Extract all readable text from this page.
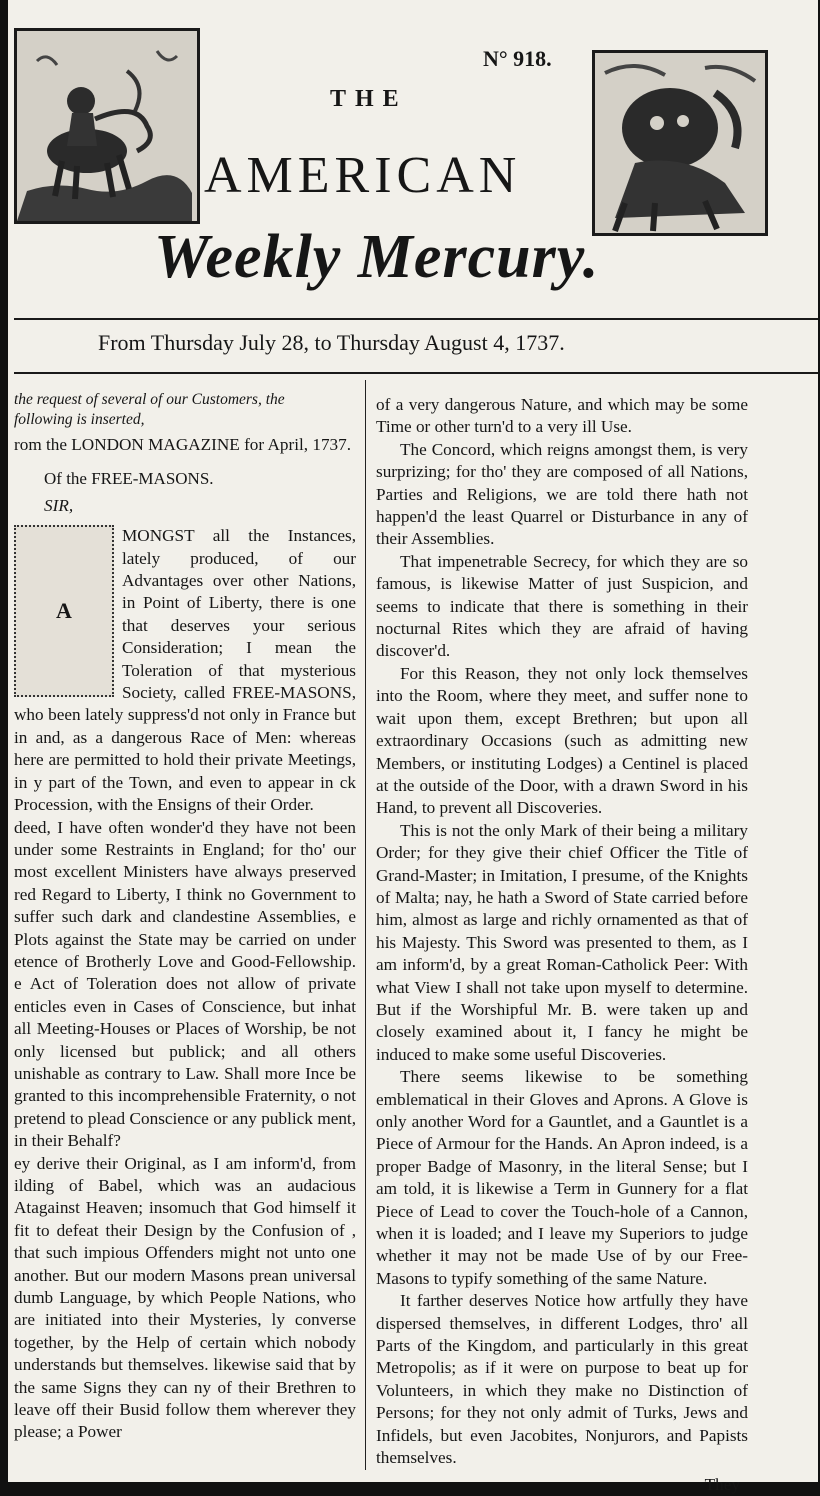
N° 918.
THE
AMERICAN
Weekly Mercury.
From Thursday July 28, to Thursday August 4, 1737.

the request of several of our Customers, the

following is inserted,

rom the LONDON MAGAZINE for April, 1737.

Of the FREE-MASONS.

SIR,

A

MONGST all the Instances, lately produced, of our Advantages over other Nations, in Point of Liberty, there is one that deserves your serious Consideration; I mean the Toleration of that mysterious Society, called FREE-MASONS, who been lately suppress'd not only in France but in and, as a dangerous Race of Men: whereas here are permitted to hold their private Meetings, in y part of the Town, and even to appear in ck Procession, with the Ensigns of their Order.

deed, I have often wonder'd they have not been under some Restraints in England; for tho' our most excellent Ministers have always preserved red Regard to Liberty, I think no Government to suffer such dark and clandestine Assemblies, e Plots against the State may be carried on under etence of Brotherly Love and Good-Fellowship. e Act of Toleration does not allow of private enticles even in Cases of Conscience, but inhat all Meeting-Houses or Places of Worship, be not only licensed but publick; and all others unishable as contrary to Law. Shall more Ince be granted to this incomprehensible Fraternity, o not pretend to plead Conscience or any publick ment, in their Behalf?

ey derive their Original, as I am inform'd, from ilding of Babel, which was an audacious Atagainst Heaven; insomuch that God himself it fit to defeat their Design by the Confusion of , that such impious Offenders might not unto one another. But our modern Masons prean universal dumb Language, by which People Nations, who are initiated into their Mysteries, ly converse together, by the Help of certain which nobody understands but themselves. likewise said that by the same Signs they can ny of their Brethren to leave off their Busid follow them wherever they please; a Power

of a very dangerous Nature, and which may be some Time or other turn'd to a very ill Use.

The Concord, which reigns amongst them, is very surprizing; for tho' they are composed of all Nations, Parties and Religions, we are told there hath not happen'd the least Quarrel or Disturbance in any of their Assemblies.

That impenetrable Secrecy, for which they are so famous, is likewise Matter of just Suspicion, and seems to indicate that there is something in their nocturnal Rites which they are afraid of having discover'd.

For this Reason, they not only lock themselves into the Room, where they meet, and suffer none to wait upon them, except Brethren; but upon all extraordinary Occasions (such as admitting new Members, or instituting Lodges) a Centinel is placed at the outside of the Door, with a drawn Sword in his Hand, to prevent all Discoveries.

This is not the only Mark of their being a military Order; for they give their chief Officer the Title of Grand-Master; in Imitation, I presume, of the Knights of Malta; nay, he hath a Sword of State carried before him, almost as large and richly ornamented as that of his Majesty. This Sword was presented to them, as I am inform'd, by a great Roman-Catholick Peer: With what View I shall not take upon myself to determine. But if the Worshipful Mr. B. were taken up and closely examined about it, I fancy he might be induced to make some useful Discoveries.

There seems likewise to be something emblematical in their Gloves and Aprons. A Glove is only another Word for a Gauntlet, and a Gauntlet is a Piece of Armour for the Hands. An Apron indeed, is a proper Badge of Masonry, in the literal Sense; but I am told, it is likewise a Term in Gunnery for a flat Piece of Lead to cover the Touch-hole of a Cannon, when it is loaded; and I leave my Superiors to judge whether it may not be made Use of by our Free-Masons to typify something of the same Nature.

It farther deserves Notice how artfully they have dispersed themselves, in different Lodges, thro' all Parts of the Kingdom, and particularly in this great Metropolis; as if it were on purpose to beat up for Volunteers, in which they make no Distinction of Persons; for they not only admit of Turks, Jews and Infidels, but even Jacobites, Nonjurors, and Papists themselves.

They
